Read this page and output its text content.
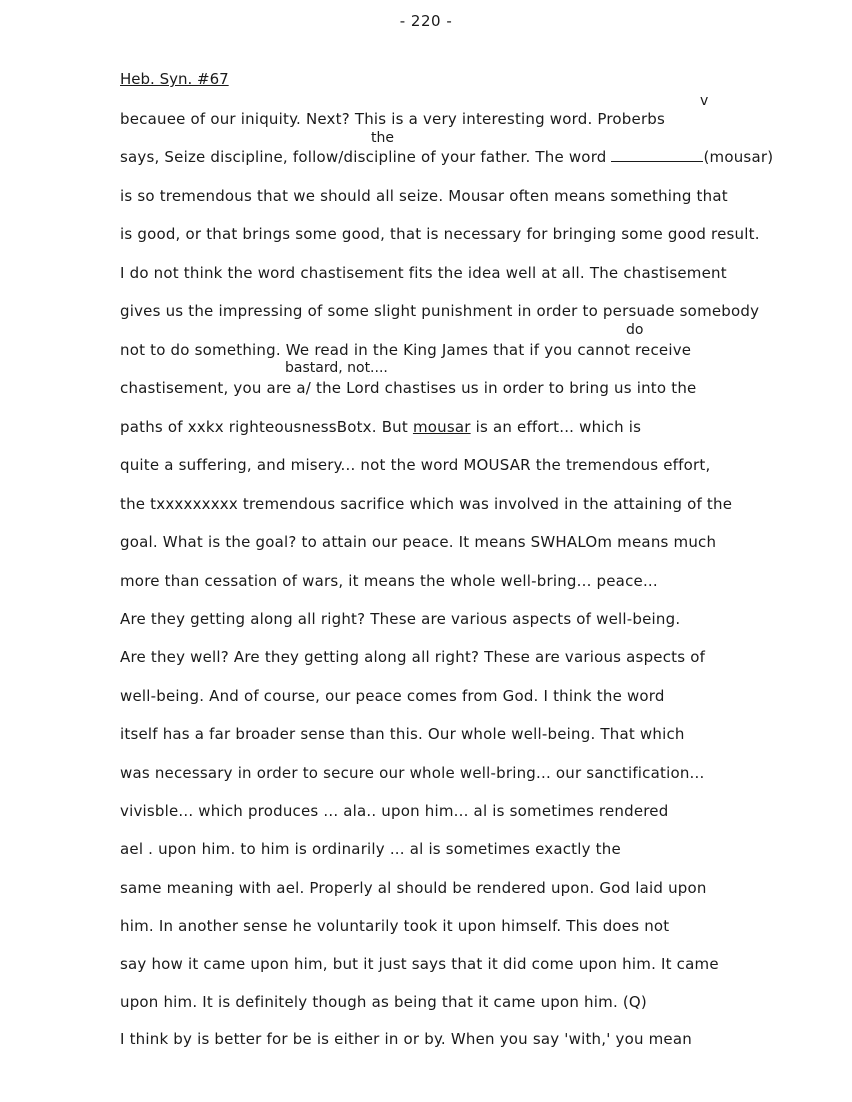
- 220 -
Heb. Syn. #67
v
the
do
bastard, not....
becauee of our iniquity. Next? This is a very interesting word. Proberbs
says, Seize discipline, follow/discipline of your father. The word	(mousar)
is so tremendous that we should all seize. Mousar often means something that
is good, or that brings some good, that is necessary for bringing some good result.
I do not think the word chastisement fits the idea well at all. The chastisement
gives us the impressing of some slight punishment in order to persuade somebody
not to do something. We read in the King James that if you cannot receive
chastisement, you are a/ the Lord chastises us in order to bring us into the
paths of xxkx righteousnessBotx. But mousar is an effort... which is
quite a suffering, and misery... not the word MOUSAR the tremendous effort,
the txxxxxxxxx tremendous sacrifice which was involved in the attaining of the
goal. What is the goal? to attain our peace. It means SWHALOm means much
more than cessation of wars, it means the whole well-bring... peace...
Are they getting along all right? These are various aspects of well-being.
Are they well? Are they getting along all right? These are various aspects of
well-being. And of course, our peace comes from God. I think the word
itself has a far broader sense than this. Our whole well-being. That which
was necessary in order to secure our whole well-bring... our sanctification...
vivisble... which produces ... ala.. upon him... al is sometimes rendered
ael . upon him. to him is ordinarily ... al is sometimes exactly the
same meaning with ael. Properly al should be rendered upon. God laid upon
him. In another sense he voluntarily took it upon himself. This does not
say how it came upon him, but it just says that it did come upon him. It came
upon him. It is definitely though as being that it came upon him. (Q)
I think by is better for be is either in or by. When you say 'with,' you mean
